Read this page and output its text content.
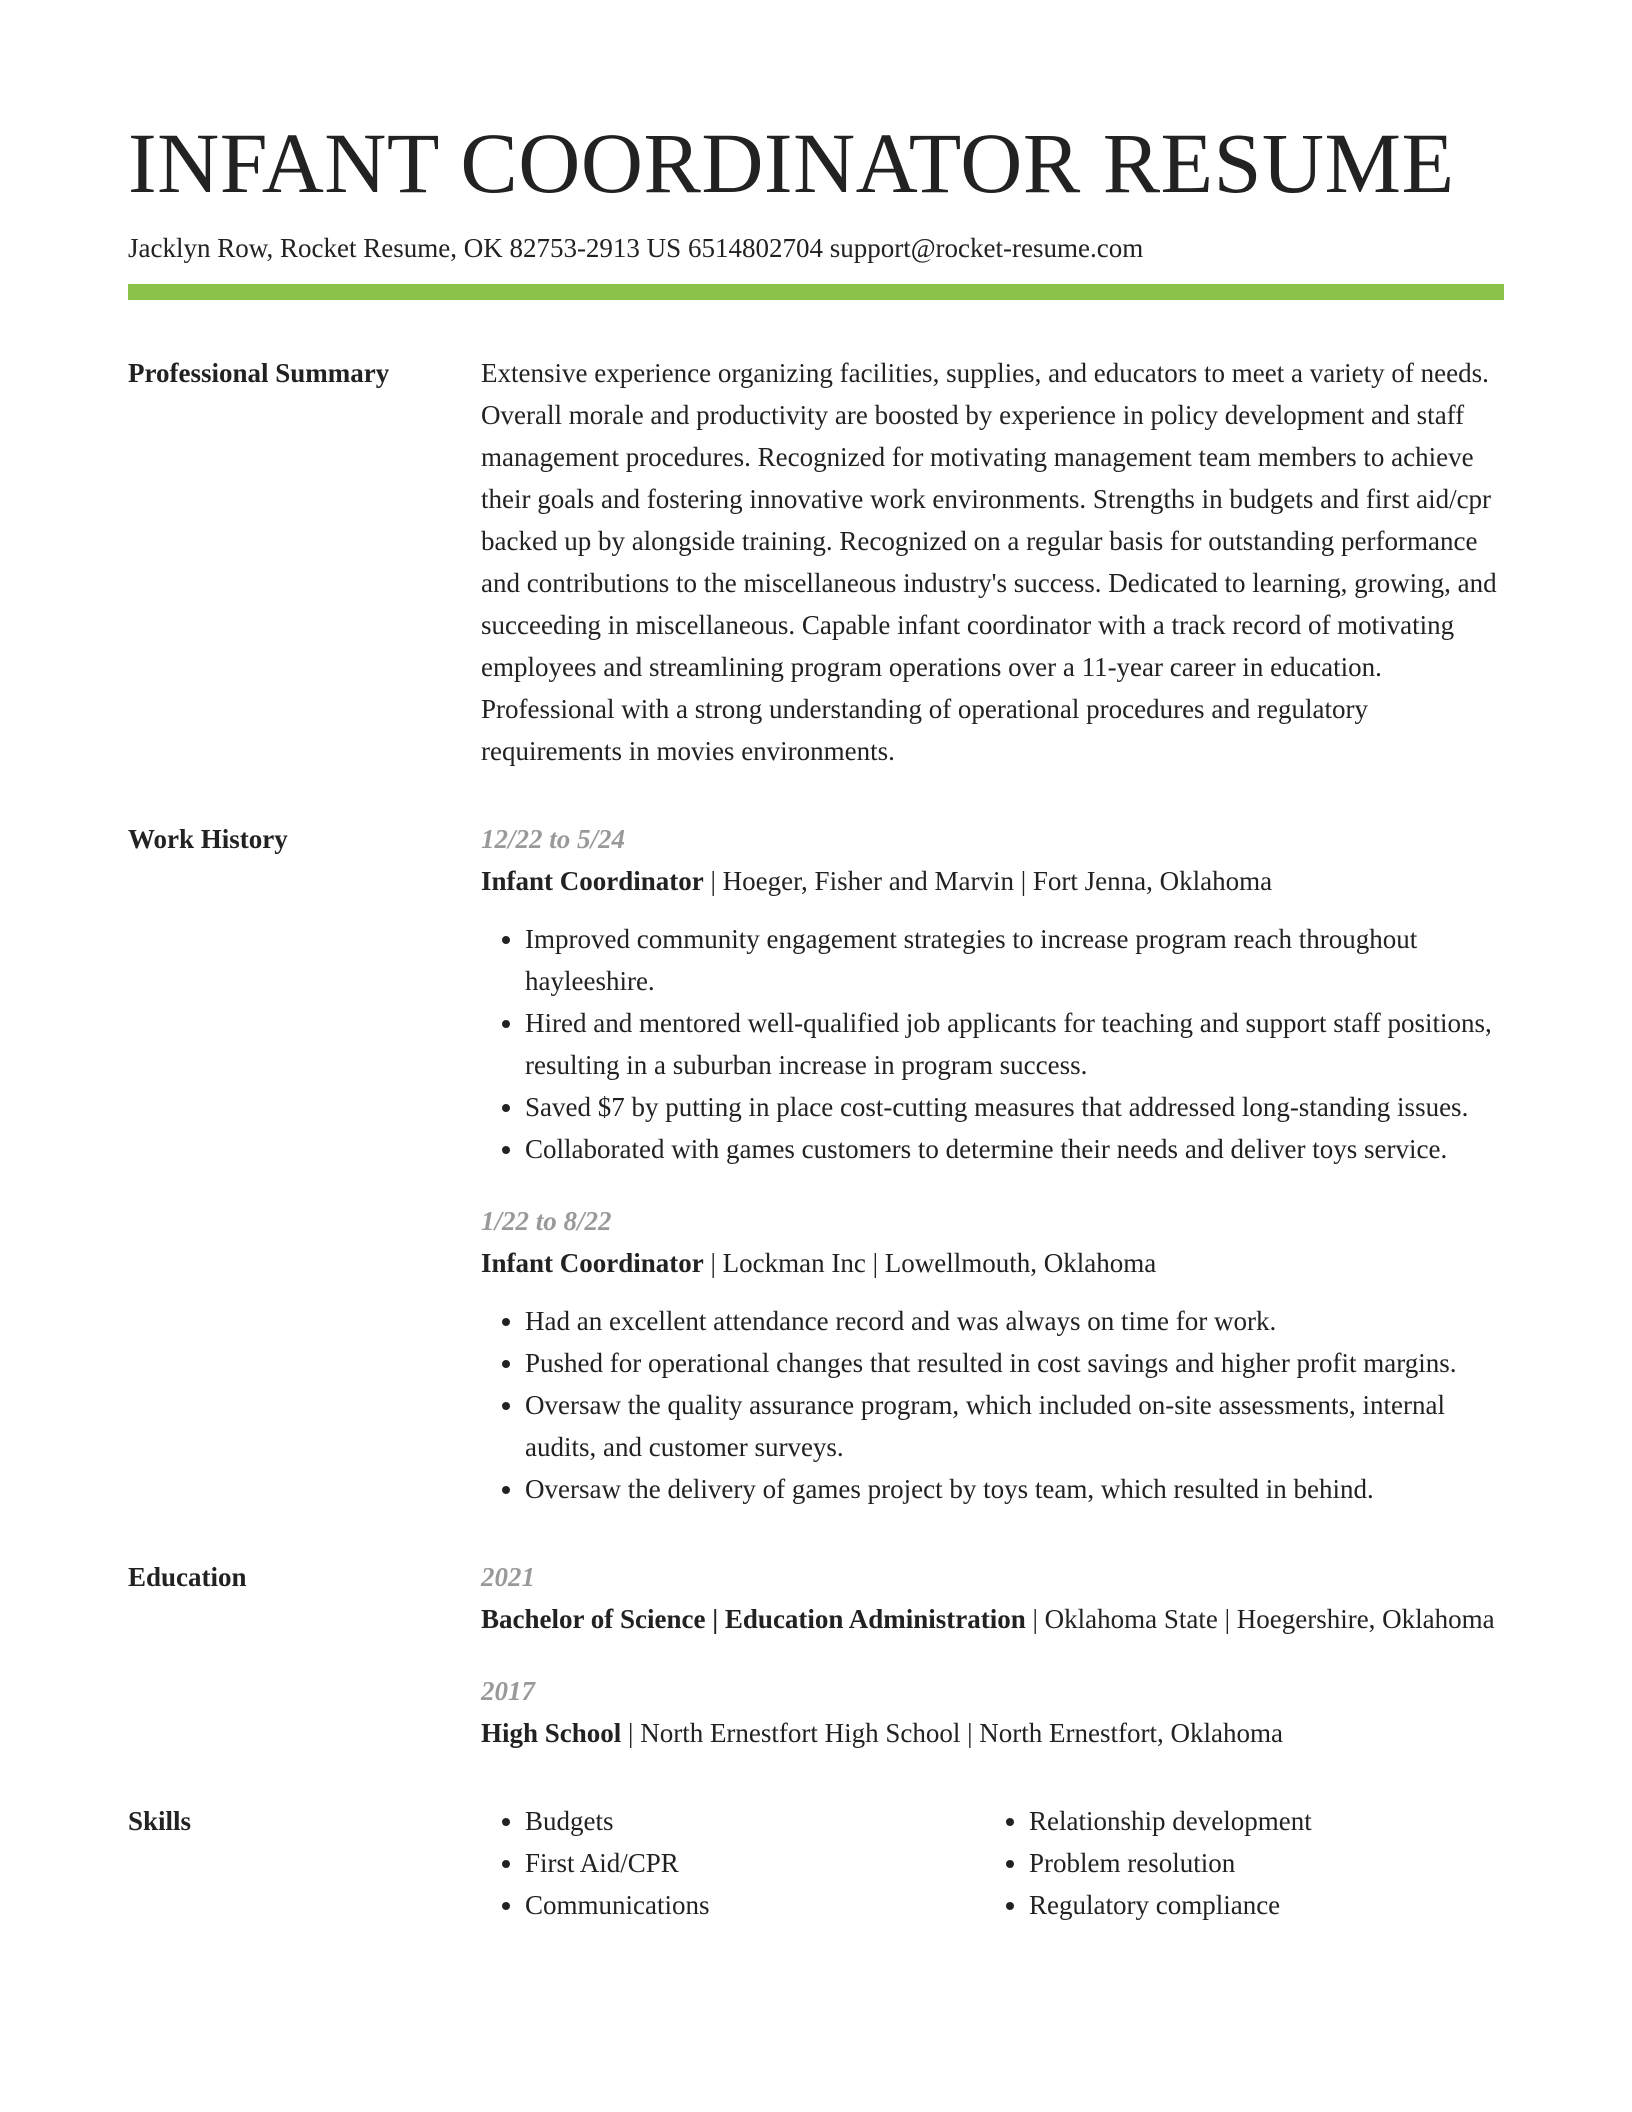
INFANT COORDINATOR RESUME
Jacklyn Row, Rocket Resume, OK 82753-2913 US 6514802704 support@rocket-resume.com
Professional Summary	Extensive experience organizing facilities, supplies, and educators to meet a variety of needs. Overall morale and productivity are boosted by experience in policy development and staff management procedures. Recognized for motivating management team members to achieve their goals and fostering innovative work environments. Strengths in budgets and first aid/cpr backed up by alongside training. Recognized on a regular basis for outstanding performance and contributions to the miscellaneous industry's success. Dedicated to learning, growing, and succeeding in miscellaneous. Capable infant coordinator with a track record of motivating employees and streamlining program operations over a 11-year career in education. Professional with a strong understanding of operational procedures and regulatory requirements in movies environments.

Work History	12/22 to 5/24
Infant Coordinator | Hoeger, Fisher and Marvin | Fort Jenna, Oklahoma
• Improved community engagement strategies to increase program reach throughout hayleeshire.
• Hired and mentored well-qualified job applicants for teaching and support staff positions, resulting in a suburban increase in program success.
• Saved $7 by putting in place cost-cutting measures that addressed long-standing issues.
• Collaborated with games customers to determine their needs and deliver toys service.
1/22 to 8/22
Infant Coordinator | Lockman Inc | Lowellmouth, Oklahoma
• Had an excellent attendance record and was always on time for work.
• Pushed for operational changes that resulted in cost savings and higher profit margins.
• Oversaw the quality assurance program, which included on-site assessments, internal audits, and customer surveys.
• Oversaw the delivery of games project by toys team, which resulted in behind.
Education	2021
Bachelor of Science | Education Administration | Oklahoma State | Hoegershire, Oklahoma
2017
High School | North Ernestfort High School | North Ernestfort, Oklahoma
Skills
•	Budgets
• First Aid/CPR
• Communications
• Relationship development
• Problem resolution
• Regulatory compliance
